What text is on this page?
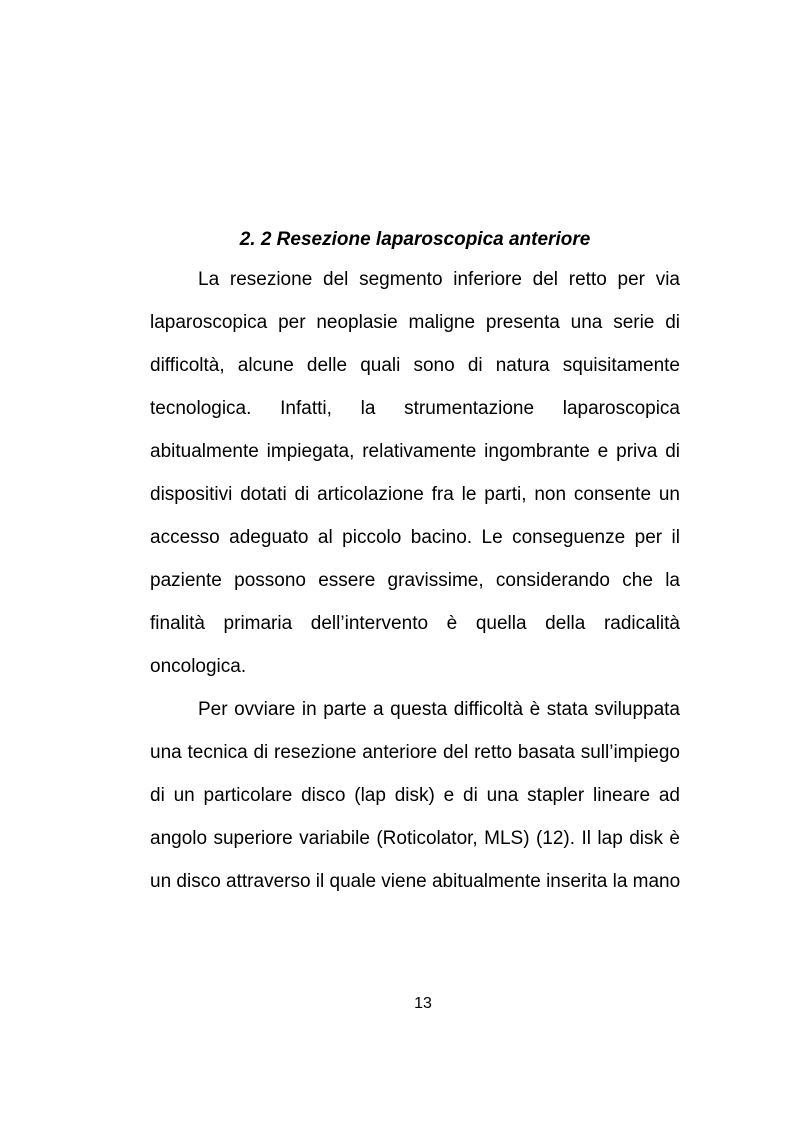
2. 2 Resezione laparoscopica anteriore
La resezione del segmento inferiore del retto per via
laparoscopica per neoplasie maligne presenta una serie di
difficoltà, alcune delle quali sono di natura squisitamente
tecnologica. Infatti, la strumentazione laparoscopica
abitualmente impiegata, relativamente ingombrante e priva di
dispositivi dotati di articolazione fra le parti, non consente un
accesso adeguato al piccolo bacino. Le conseguenze per il
paziente possono essere gravissime, considerando che la
finalità primaria dell’intervento è quella della radicalità
oncologica.
Per ovviare in parte a questa difficoltà è stata sviluppata
una tecnica di resezione anteriore del retto basata sull’impiego
di un particolare disco (lap disk) e di una stapler lineare ad
angolo superiore variabile (Roticolator, MLS) (12). Il lap disk è
un disco attraverso il quale viene abitualmente inserita la mano
13
